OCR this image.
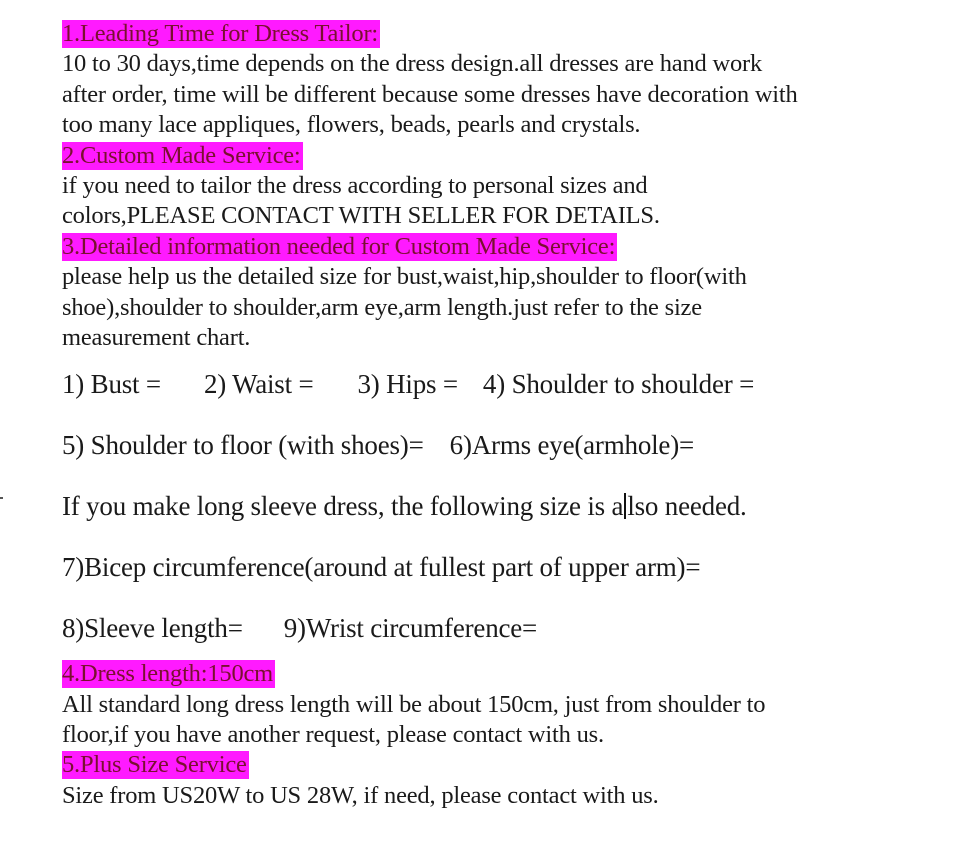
1.Leading Time for Dress Tailor:
10 to 30 days,time depends on the dress design.all dresses are hand work
after order, time will be different because some dresses have decoration with
too many lace appliques, flowers, beads, pearls and crystals.
2.Custom Made Service:
if you need to tailor the dress according to personal sizes and
colors,PLEASE CONTACT WITH SELLER FOR DETAILS.
3.Detailed information needed for Custom Made Service:
please help us the detailed size for bust,waist,hip,shoulder to floor(with
shoe),shoulder to shoulder,arm eye,arm length.just refer to the size
measurement chart.
1) Bust = 2) Waist = 3) Hips = 4) Shoulder to shoulder =
5) Shoulder to floor (with shoes)= 6)Arms eye(armhole)=
If you make long sleeve dress, the following size is a lso needed.
7)Bicep circumference(around at fullest part of upper arm)=
8)Sleeve length= 9)Wrist circumference=
4.Dress length:150cm
All standard long dress length will be about 150cm, just from shoulder to
floor,if you have another request, please contact with us.
5.Plus Size Service
Size from US20W to US 28W, if need, please contact with us.
